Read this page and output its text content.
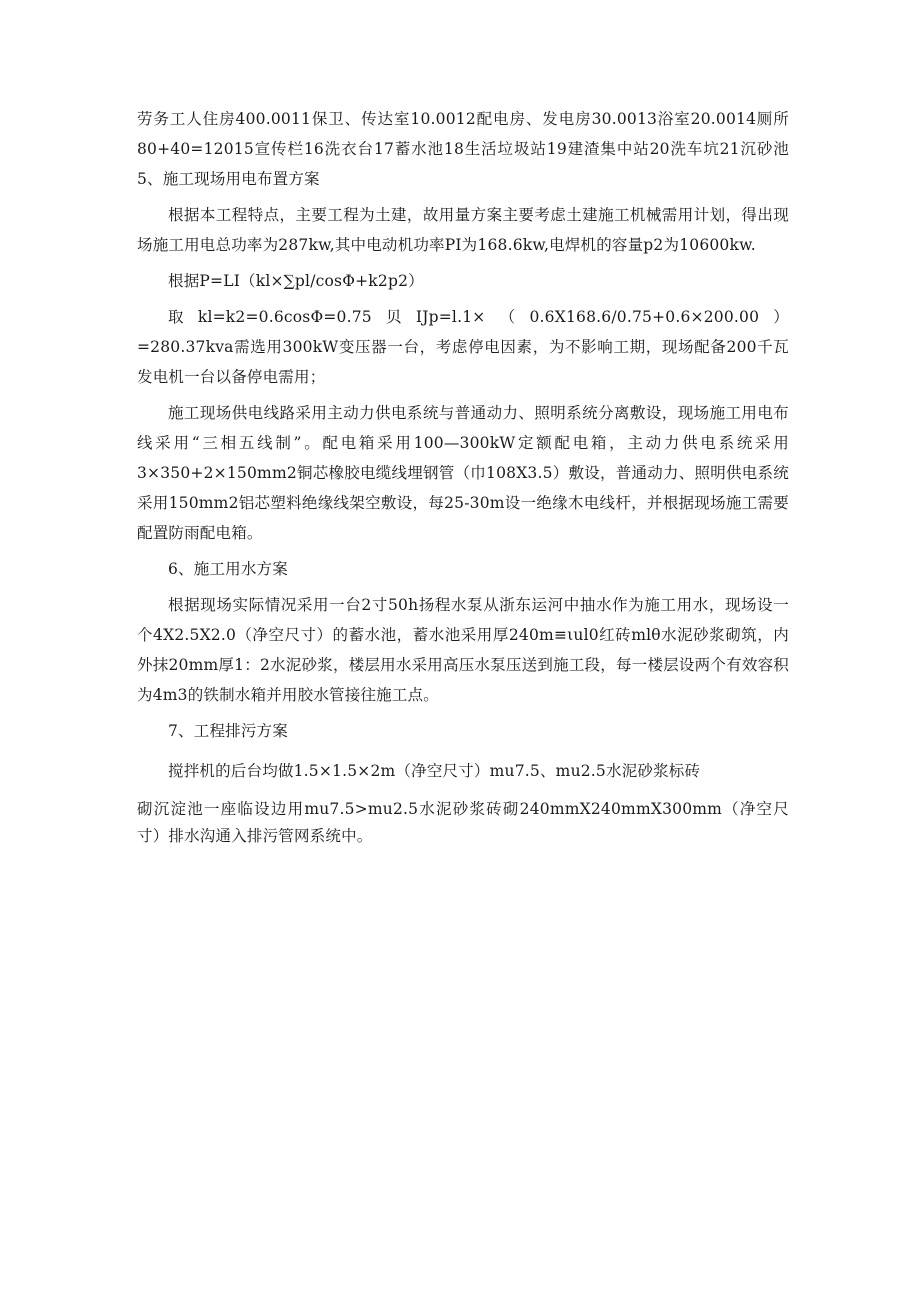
劳务工人住房400.0011保卫、传达室10.0012配电房、发电房30.0013浴室20.0014厕所80+40=12015宣传栏16洗衣台17蓄水池18生活垃圾站19建渣集中站20洗车坑21沉砂池5、施工现场用电布置方案

根据本工程特点，主要工程为土建，故用量方案主要考虑土建施工机械需用计划，得出现场施工用电总功率为287kw,其中电动机功率PI为168.6kw,电焊机的容量p2为10600kw.

根据P=LI（kl×∑pl/cosΦ+k2p2）

取kl=k2=0.6cosΦ=0.75贝IJp=l.1×（0.6X168.6/0.75+0.6×200.00）=280.37kva需选用300kW变压器一台，考虑停电因素，为不影响工期，现场配备200千瓦发电机一台以备停电需用；

施工现场供电线路采用主动力供电系统与普通动力、照明系统分离敷设，现场施工用电布线采用“三相五线制”。配电箱采用100—300kW定额配电箱，主动力供电系统采用3×350+2×150mm2铜芯橡胶电缆线埋钢管（巾108X3.5）敷设，普通动力、照明供电系统采用150mm2铝芯塑料绝缘线架空敷设，每25-30m设一绝缘木电线杆，并根据现场施工需要配置防雨配电箱。

6、施工用水方案

根据现场实际情况采用一台2寸50h扬程水泵从浙东运河中抽水作为施工用水，现场设一个4X2.5X2.0（净空尺寸）的蓄水池，蓄水池采用厚240m≡ιul0红砖mlθ水泥砂浆砌筑，内外抹20mm厚1：2水泥砂浆，楼层用水采用高压水泵压送到施工段，每一楼层设两个有效容积为4m3的铁制水箱并用胶水管接往施工点。

7、工程排污方案

搅拌机的后台均做1.5×1.5×2m（净空尺寸）mu7.5、mu2.5水泥砂浆标砖

砌沉淀池一座临设边用mu7.5>mu2.5水泥砂浆砖砌240mmX240mmX300mm（净空尺寸）排水沟通入排污管网系统中。
